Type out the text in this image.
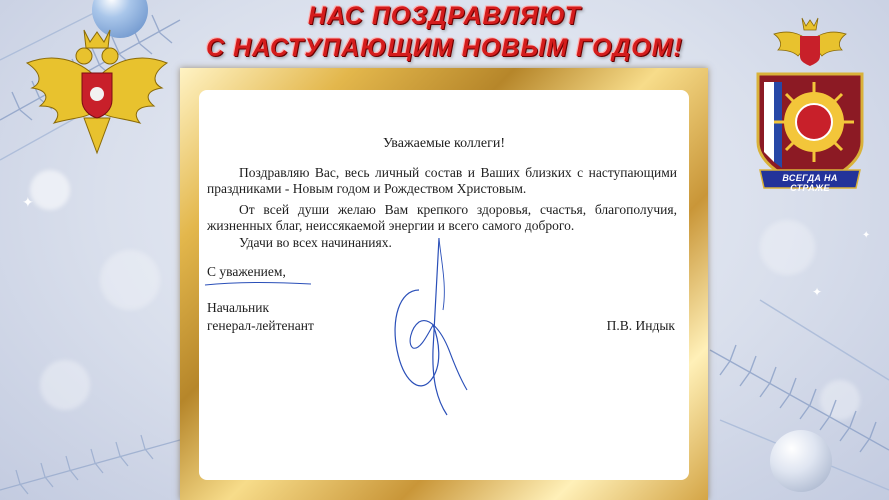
✦
✦
✦
НАС ПОЗДРАВЛЯЮТ
С НАСТУПАЮЩИМ НОВЫМ ГОДОМ!
ВСЕГДА НА СТРАЖЕ
Уважаемые коллеги!
Поздравляю Вас, весь личный состав и Ваших близких с наступающими праздниками - Новым годом и Рождеством Христовым.
От всей души желаю Вам крепкого здоровья, счастья, благополучия, жизненных благ, неиссякаемой энергии и всего самого доброго.
Удачи во всех начинаниях.
С уважением,
Начальник
генерал-лейтенант	П.В. Индык
